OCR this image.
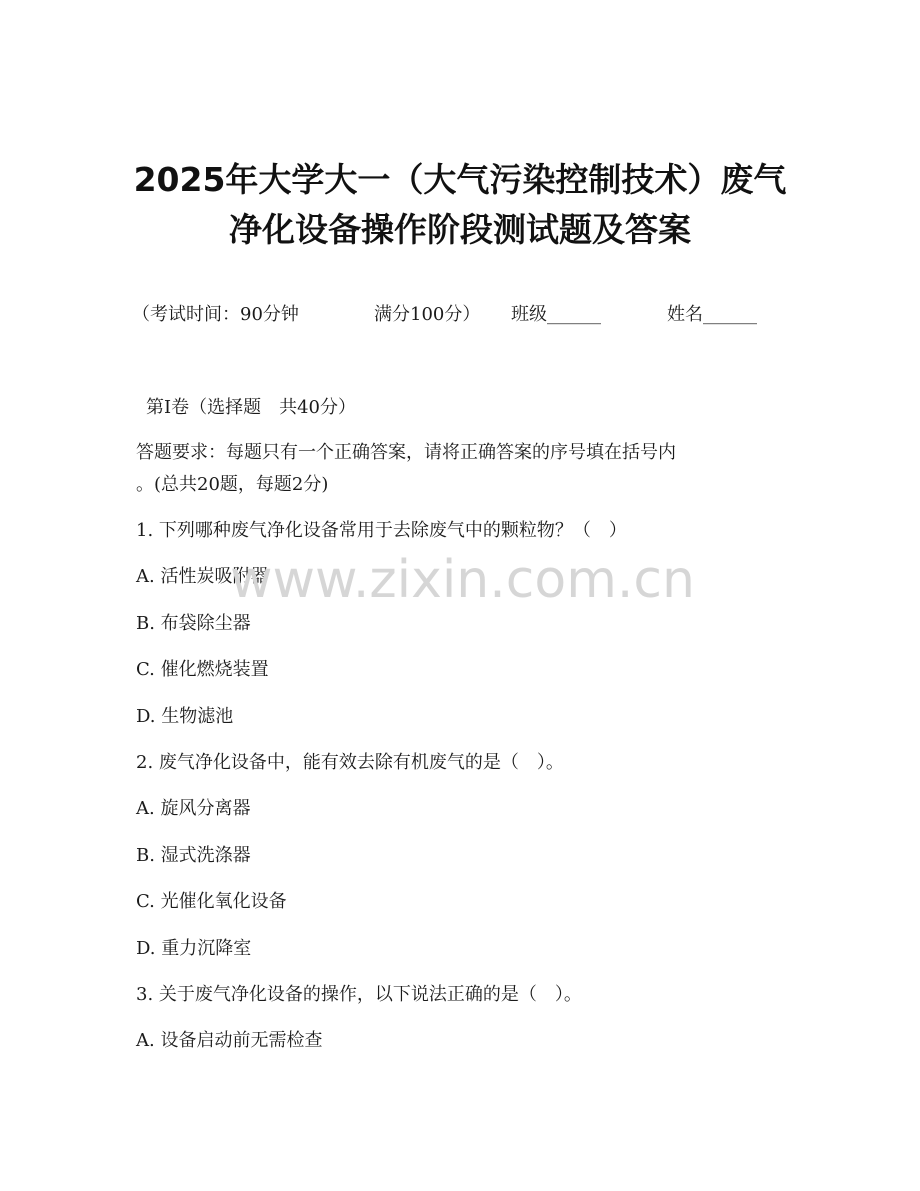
2025年大学大一（大气污染控制技术）废气
净化设备操作阶段测试题及答案
（考试时间：90分钟	满分100分） 班级______	姓名______
第Ⅰ卷（选择题　共40分）
答题要求：每题只有一个正确答案，请将正确答案的序号填在括号内
。(总共20题，每题2分)
1. 下列哪种废气净化设备常用于去除废气中的颗粒物？（　）
A. 活性炭吸附器
B. 布袋除尘器
C. 催化燃烧装置
D. 生物滤池
2. 废气净化设备中，能有效去除有机废气的是（　）。
A. 旋风分离器
B. 湿式洗涤器
C. 光催化氧化设备
D. 重力沉降室
3. 关于废气净化设备的操作，以下说法正确的是（　）。
A. 设备启动前无需检查
www.zixin.com.cn
